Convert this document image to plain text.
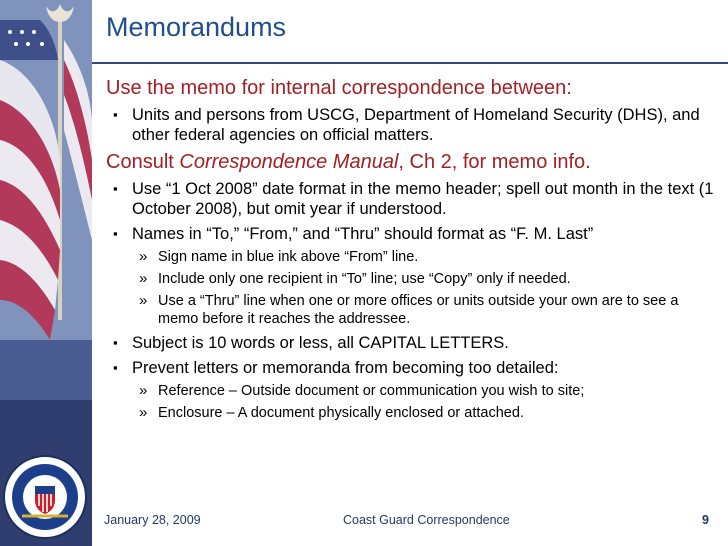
Memorandums
Use the memo for internal correspondence between:
▪ Units and persons from USCG, Department of Homeland Security (DHS), and other federal agencies on official matters.
Consult Correspondence Manual, Ch 2, for memo info.
▪ Use “1 Oct 2008” date format in the memo header; spell out month in the text (1 October 2008), but omit year if understood.
▪ Names in “To,” “From,” and “Thru” should format as “F. M. Last”
» Sign name in blue ink above “From” line.
» Include only one recipient in “To” line; use “Copy” only if needed.
» Use a “Thru” line when one or more offices or units outside your own are to see a memo before it reaches the addressee.
▪ Subject is 10 words or less, all CAPITAL LETTERS.
▪ Prevent letters or memoranda from becoming too detailed:
» Reference – Outside document or communication you wish to site;
» Enclosure – A document physically enclosed or attached.
January 28, 2009	Coast Guard Correspondence	9
